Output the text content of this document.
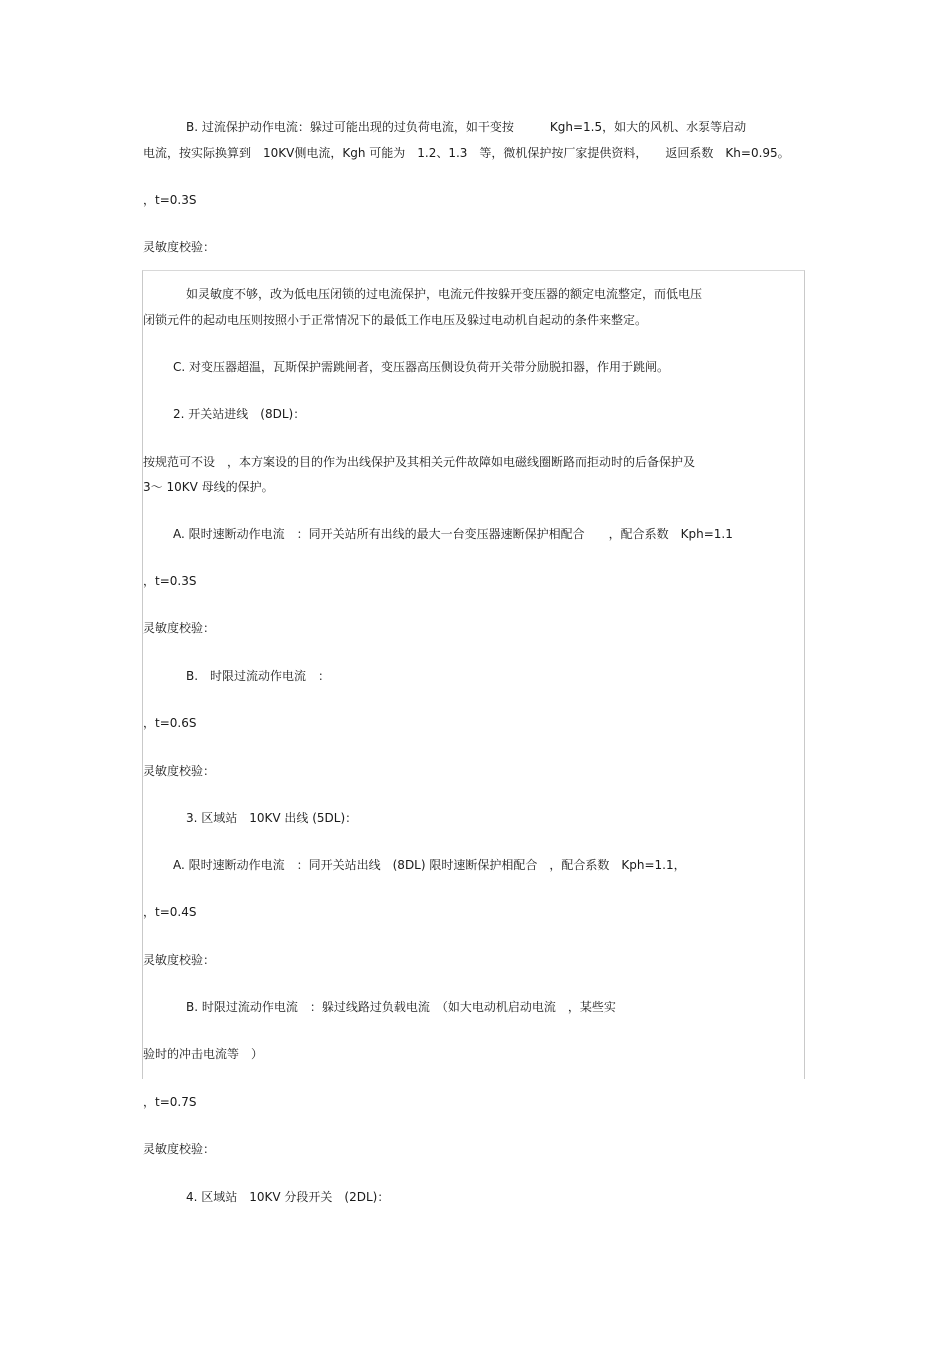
B. 过流保护动作电流：躲过可能出现的过负荷电流，如干变按　　　Kgh=1.5，如大的风机、水泵等启动
电流，按实际换算到　10KV侧电流，Kgh 可能为　1.2、1.3　等，微机保护按厂家提供资料，　　返回系数　Kh=0.95。
，t=0.3S
灵敏度校验：
如灵敏度不够，改为低电压闭锁的过电流保护，电流元件按躲开变压器的额定电流整定，而低电压
闭锁元件的起动电压则按照小于正常情况下的最低工作电压及躲过电动机自起动的条件来整定。
C. 对变压器超温，瓦斯保护需跳闸者，变压器高压侧设负荷开关带分励脱扣器，作用于跳闸。
2. 开关站进线　(8DL)：
按规范可不设　，本方案设的目的作为出线保护及其相关元件故障如电磁线圈断路而拒动时的后备保护及
3～ 10KV 母线的保护。
A. 限时速断动作电流　：同开关站所有出线的最大一台变压器速断保护相配合　　，配合系数　Kph=1.1
，t=0.3S
灵敏度校验：
B.　时限过流动作电流　：
，t=0.6S
灵敏度校验：
3. 区域站　10KV 出线 (5DL)：
A. 限时速断动作电流　：同开关站出线　(8DL) 限时速断保护相配合　，配合系数　Kph=1.1，
，t=0.4S
灵敏度校验：
B. 时限过流动作电流　：躲过线路过负载电流　（如大电动机启动电流　，某些实
验时的冲击电流等　）
，t=0.7S
灵敏度校验：
4. 区域站　10KV 分段开关　(2DL)：
